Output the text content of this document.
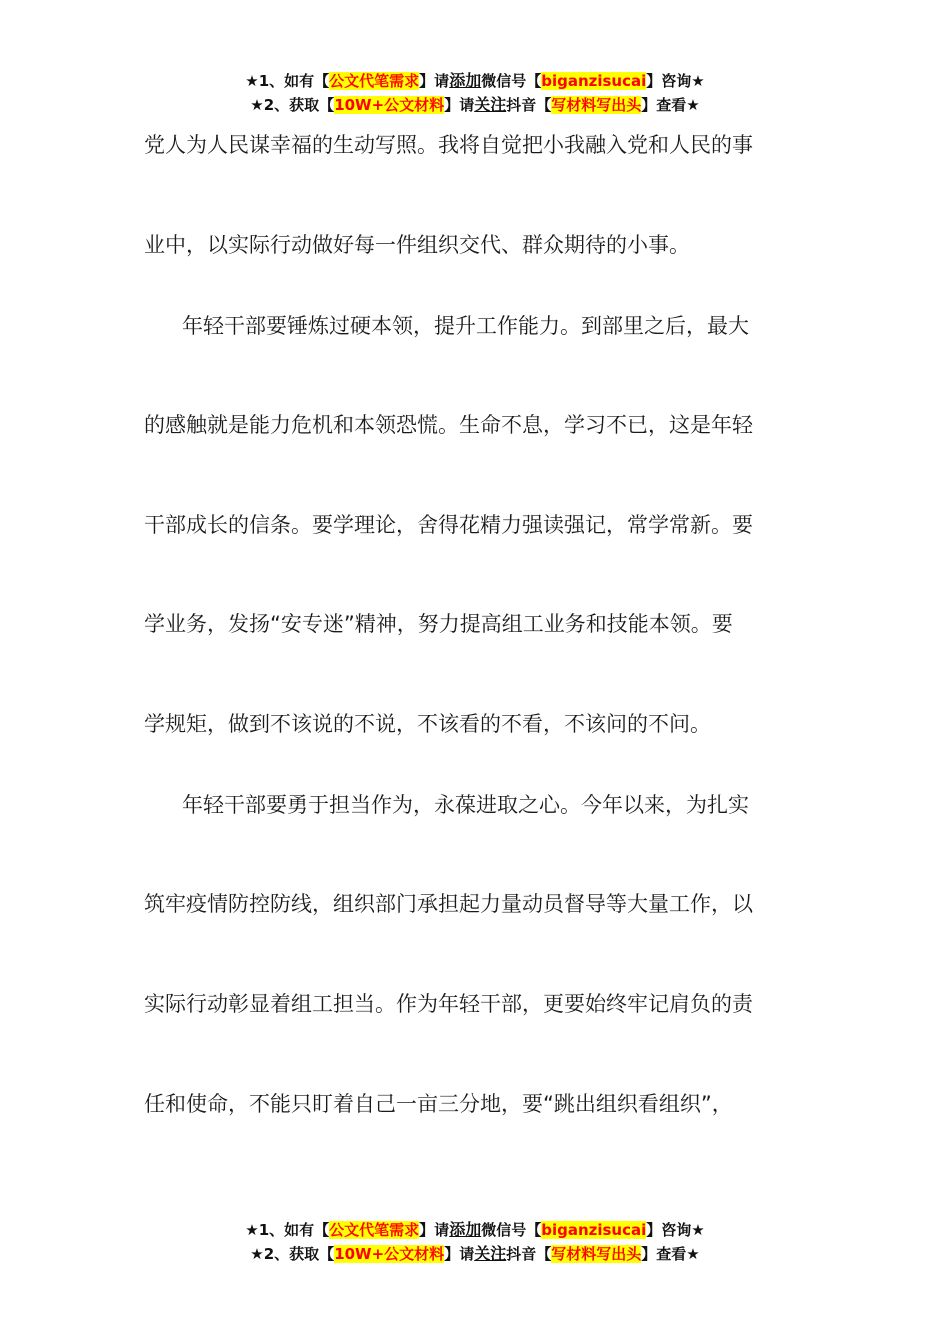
★1、如有【公文代笔需求】请添加微信号【biganzisucai】咨询★
★2、获取【10W+公文材料】请关注抖音【写材料写出头】查看★
党人为人民谋幸福的生动写照。我将自觉把小我融入党和人民的事
业中，以实际行动做好每一件组织交代、群众期待的小事。
年轻干部要锤炼过硬本领，提升工作能力。到部里之后，最大
的感触就是能力危机和本领恐慌。生命不息，学习不已，这是年轻
干部成长的信条。要学理论，舍得花精力强读强记，常学常新。要
学业务，发扬“安专迷”精神，努力提高组工业务和技能本领。要
学规矩，做到不该说的不说，不该看的不看，不该问的不问。
年轻干部要勇于担当作为，永葆进取之心。今年以来，为扎实
筑牢疫情防控防线，组织部门承担起力量动员督导等大量工作，以
实际行动彰显着组工担当。作为年轻干部，更要始终牢记肩负的责
任和使命，不能只盯着自己一亩三分地，要“跳出组织看组织”，
★1、如有【公文代笔需求】请添加微信号【biganzisucai】咨询★
★2、获取【10W+公文材料】请关注抖音【写材料写出头】查看★
